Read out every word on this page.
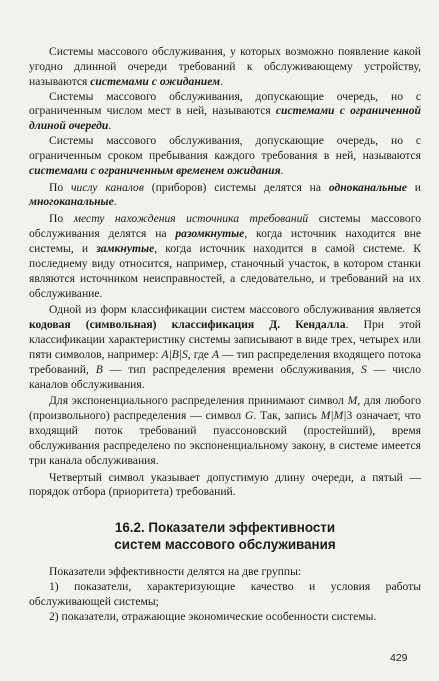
Системы массового обслуживания, у которых возможно появление какой угодно длинной очереди требований к обслуживающему устройству, называются системами с ожиданием.

Системы массового обслуживания, допускающие очередь, но с ограниченным числом мест в ней, называются системами с ограниченной длиной очереди.

Системы массового обслуживания, допускающие очередь, но с ограниченным сроком пребывания каждого требования в ней, называются системами с ограниченным временем ожидания.

По числу каналов (приборов) системы делятся на одноканальные и многоканальные.

По месту нахождения источника требований системы массового обслуживания делятся на разомкнутые, когда источник находится вне системы, и замкнутые, когда источник находится в самой системе. К последнему виду относится, например, станочный участок, в котором станки являются источником неисправностей, а следовательно, и требований на их обслуживание.

Одной из форм классификации систем массового обслуживания является кодовая (символьная) классификация Д. Кендалла. При этой классификации характеристику системы записывают в виде трех, четырех или пяти символов, например: A|B|S, где A — тип распределения входящего потока требований, B — тип распределения времени обслуживания, S — число каналов обслуживания.

Для экспоненциального распределения принимают символ M, для любого (произвольного) распределения — символ G. Так, запись M|M|3 означает, что входящий поток требований пуассоновский (простейший), время обслуживания распределено по экспоненциальному закону, в системе имеется три канала обслуживания.

Четвертый символ указывает допустимую длину очереди, а пятый — порядок отбора (приоритета) требований.

16.2. Показатели эффективности
систем массового обслуживания

Показатели эффективности делятся на две группы:

1) показатели, характеризующие качество и условия работы обслуживающей системы;

2) показатели, отражающие экономические особенности системы.

429
